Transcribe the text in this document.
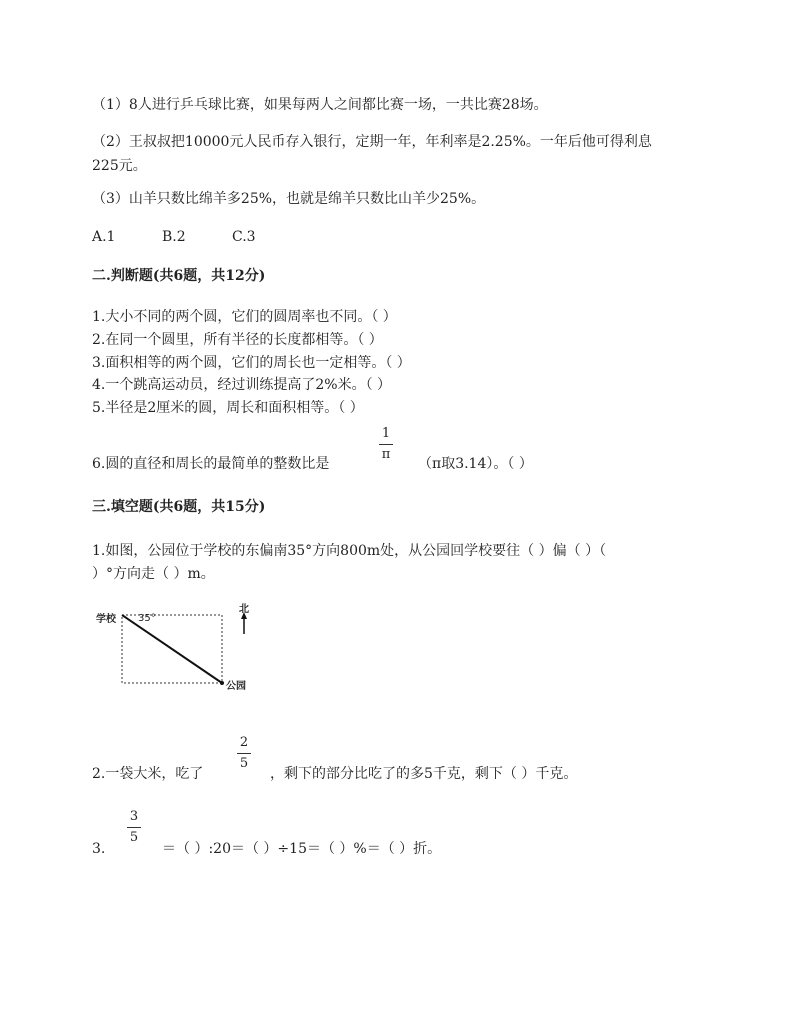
（1）8人进行乒乓球比赛，如果每两人之间都比赛一场，一共比赛28场。
（2）王叔叔把10000元人民币存入银行，定期一年，年利率是2.25%。一年后他可得利息
225元。
（3）山羊只数比绵羊多25%，也就是绵羊只数比山羊少25%。
A.1	B.2	C.3
二.判断题(共6题，共12分)
1.大小不同的两个圆，它们的圆周率也不同。（ ）
2.在同一个圆里，所有半径的长度都相等。（ ）
3.面积相等的两个圆，它们的周长也一定相等。（ ）
4.一个跳高运动员，经过训练提高了2%米。（ ）
5.半径是2厘米的圆，周长和面积相等。（ ）
6.圆的直径和周长的最简单的整数比是
1
π
（π取3.14）。（ ）
三.填空题(共6题，共15分)
1.如图，公园位于学校的东偏南35°方向800m处，从公园回学校要往（ ）偏（ ）（
）°方向走（ ）m。
学校 35°
北
公园
2.一袋大米，吃了
2
5
，剩下的部分比吃了的多5千克，剩下（ ）千克。
3.
3
5
＝（ ）:20＝（ ）÷15＝（ ）%＝（ ）折。
